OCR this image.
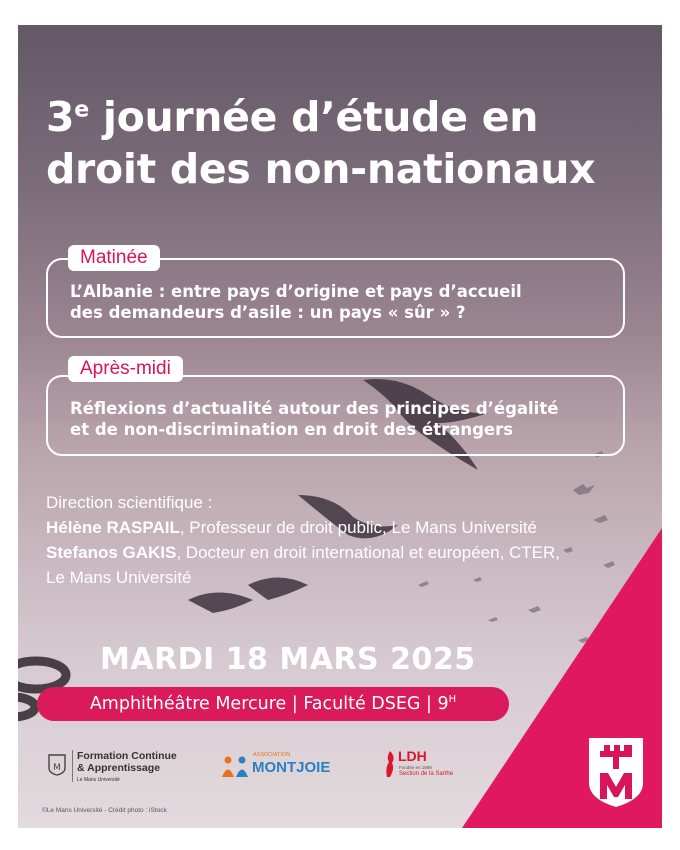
3e journée d’étude en
droit des non-nationaux
Matinée
L’Albanie : entre pays d’origine et pays d’accueil
des demandeurs d’asile : un pays « sûr » ?
Après-midi
Réflexions d’actualité autour des principes d’égalité
et de non-discrimination en droit des étrangers
Direction scientifique :
Hélène RASPAIL, Professeur de droit public, Le Mans Université
Stefanos GAKIS, Docteur en droit international et européen, CTER,
Le Mans Université
MARDI 18 MARS 2025
Amphithéâtre Mercure | Faculté DSEG | $9^H$
M
Formation Continue
& Apprentissage
Le Mans Université
ASSOCIATION
MONTJOIE
LDH
Fondée en 1898
Section de la Sarthe
©Le Mans Université - Crédit photo : iStock
